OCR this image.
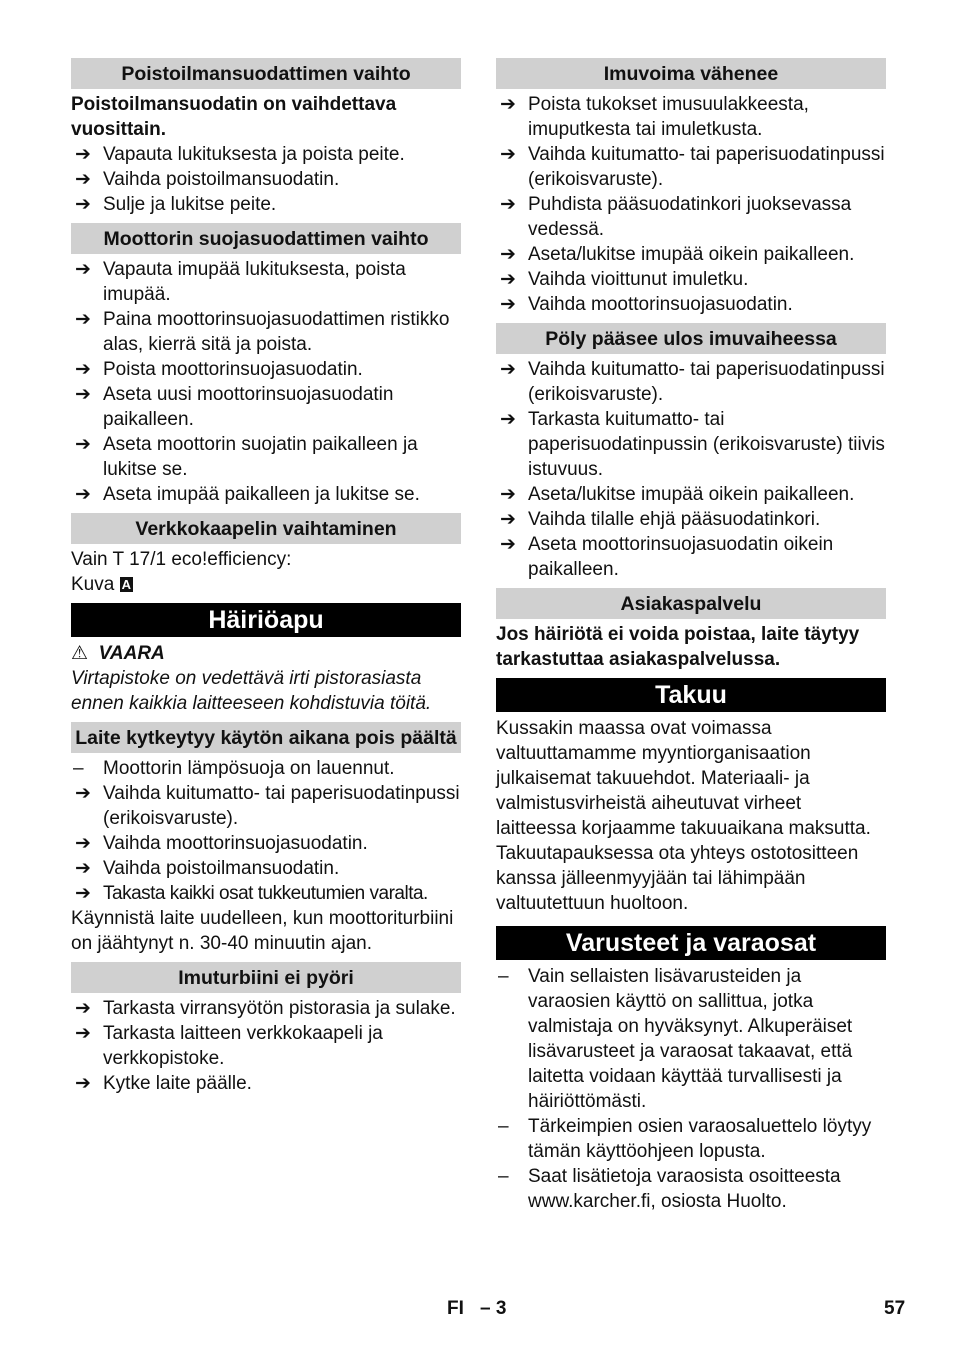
Poistoilmansuodattimen vaihto

Poistoilmansuodatin on vaihdettava vuosittain.

➔ Vapauta lukituksesta ja poista peite.
➔ Vaihda poistoilmansuodatin.
➔ Sulje ja lukitse peite.
Moottorin suojasuodattimen vaihto
➔ Vapauta imupää lukituksesta, poista imupää.
➔ Paina moottorinsuojasuodattimen ristikko alas, kierrä sitä ja poista.
➔ Poista moottorinsuojasuodatin.
➔ Aseta uusi moottorinsuojasuodatin paikalleen.
➔ Aseta moottorin suojatin paikalleen ja lukitse se.
➔ Aseta imupää paikalleen ja lukitse se.
Verkkokaapelin vaihtaminen

Vain T 17/1 eco!efficiency:

Kuva A

Häiriöapu

⚠ VAARA

Virtapistoke on vedettävä irti pistorasiasta ennen kaikkia laitteeseen kohdistuvia töitä.

Laite kytkeytyy käytön aikana pois päältä
–	Moottorin lämpösuoja on lauennut.
➔ Vaihda kuitumatto- tai paperisuodatinpussi (erikoisvaruste).
➔ Vaihda moottorinsuojasuodatin.
➔ Vaihda poistoilmansuodatin.
➔ Takasta kaikki osat tukkeutumien varalta.

Käynnistä laite uudelleen, kun moottoriturbiini on jäähtynyt n. 30-40 minuutin ajan.

Imuturbiini ei pyöri
➔ Tarkasta virransyötön pistorasia ja sulake.
➔ Tarkasta laitteen verkkokaapeli ja verkkopistoke.
➔ Kytke laite päälle.
Imuvoima vähenee
➔ Poista tukokset imusuulakkeesta, imuputkesta tai imuletkusta.
➔ Vaihda kuitumatto- tai paperisuodatinpussi (erikoisvaruste).
➔ Puhdista pääsuodatinkori juoksevassa vedessä.
➔ Aseta/lukitse imupää oikein paikalleen.
➔ Vaihda vioittunut imuletku.
➔ Vaihda moottorinsuojasuodatin.
Pöly pääsee ulos imuvaiheessa
➔ Vaihda kuitumatto- tai paperisuodatinpussi (erikoisvaruste).
➔ Tarkasta kuitumatto- tai paperisuodatinpussin (erikoisvaruste) tiivis istuvuus.
➔ Aseta/lukitse imupää oikein paikalleen.
➔ Vaihda tilalle ehjä pääsuodatinkori.
➔ Aseta moottorinsuojasuodatin oikein paikalleen.
Asiakaspalvelu

Jos häiriötä ei voida poistaa, laite täytyy tarkastuttaa asiakaspalvelussa.

Takuu

Kussakin maassa ovat voimassa valtuuttamamme myyntiorganisaation julkaisemat takuuehdot. Materiaali- ja valmistusvirheistä aiheutuvat virheet laitteessa korjaamme takuuaikana maksutta. Takuutapauksessa ota yhteys ostotositteen kanssa jälleenmyyjään tai lähimpään valtuutettuun huoltoon.

Varusteet ja varaosat
–	Vain sellaisten lisävarusteiden ja varaosien käyttö on sallittua, jotka valmistaja on hyväksynyt. Alkuperäiset lisävarusteet ja varaosat takaavat, että laitetta voidaan käyttää turvallisesti ja häiriöttömästi.
–	Tärkeimpien osien varaosaluettelo löytyy tämän käyttöohjeen lopusta.
–	Saat lisätietoja varaosista osoitteesta www.karcher.fi, osiosta Huolto.
FI – 3	57
